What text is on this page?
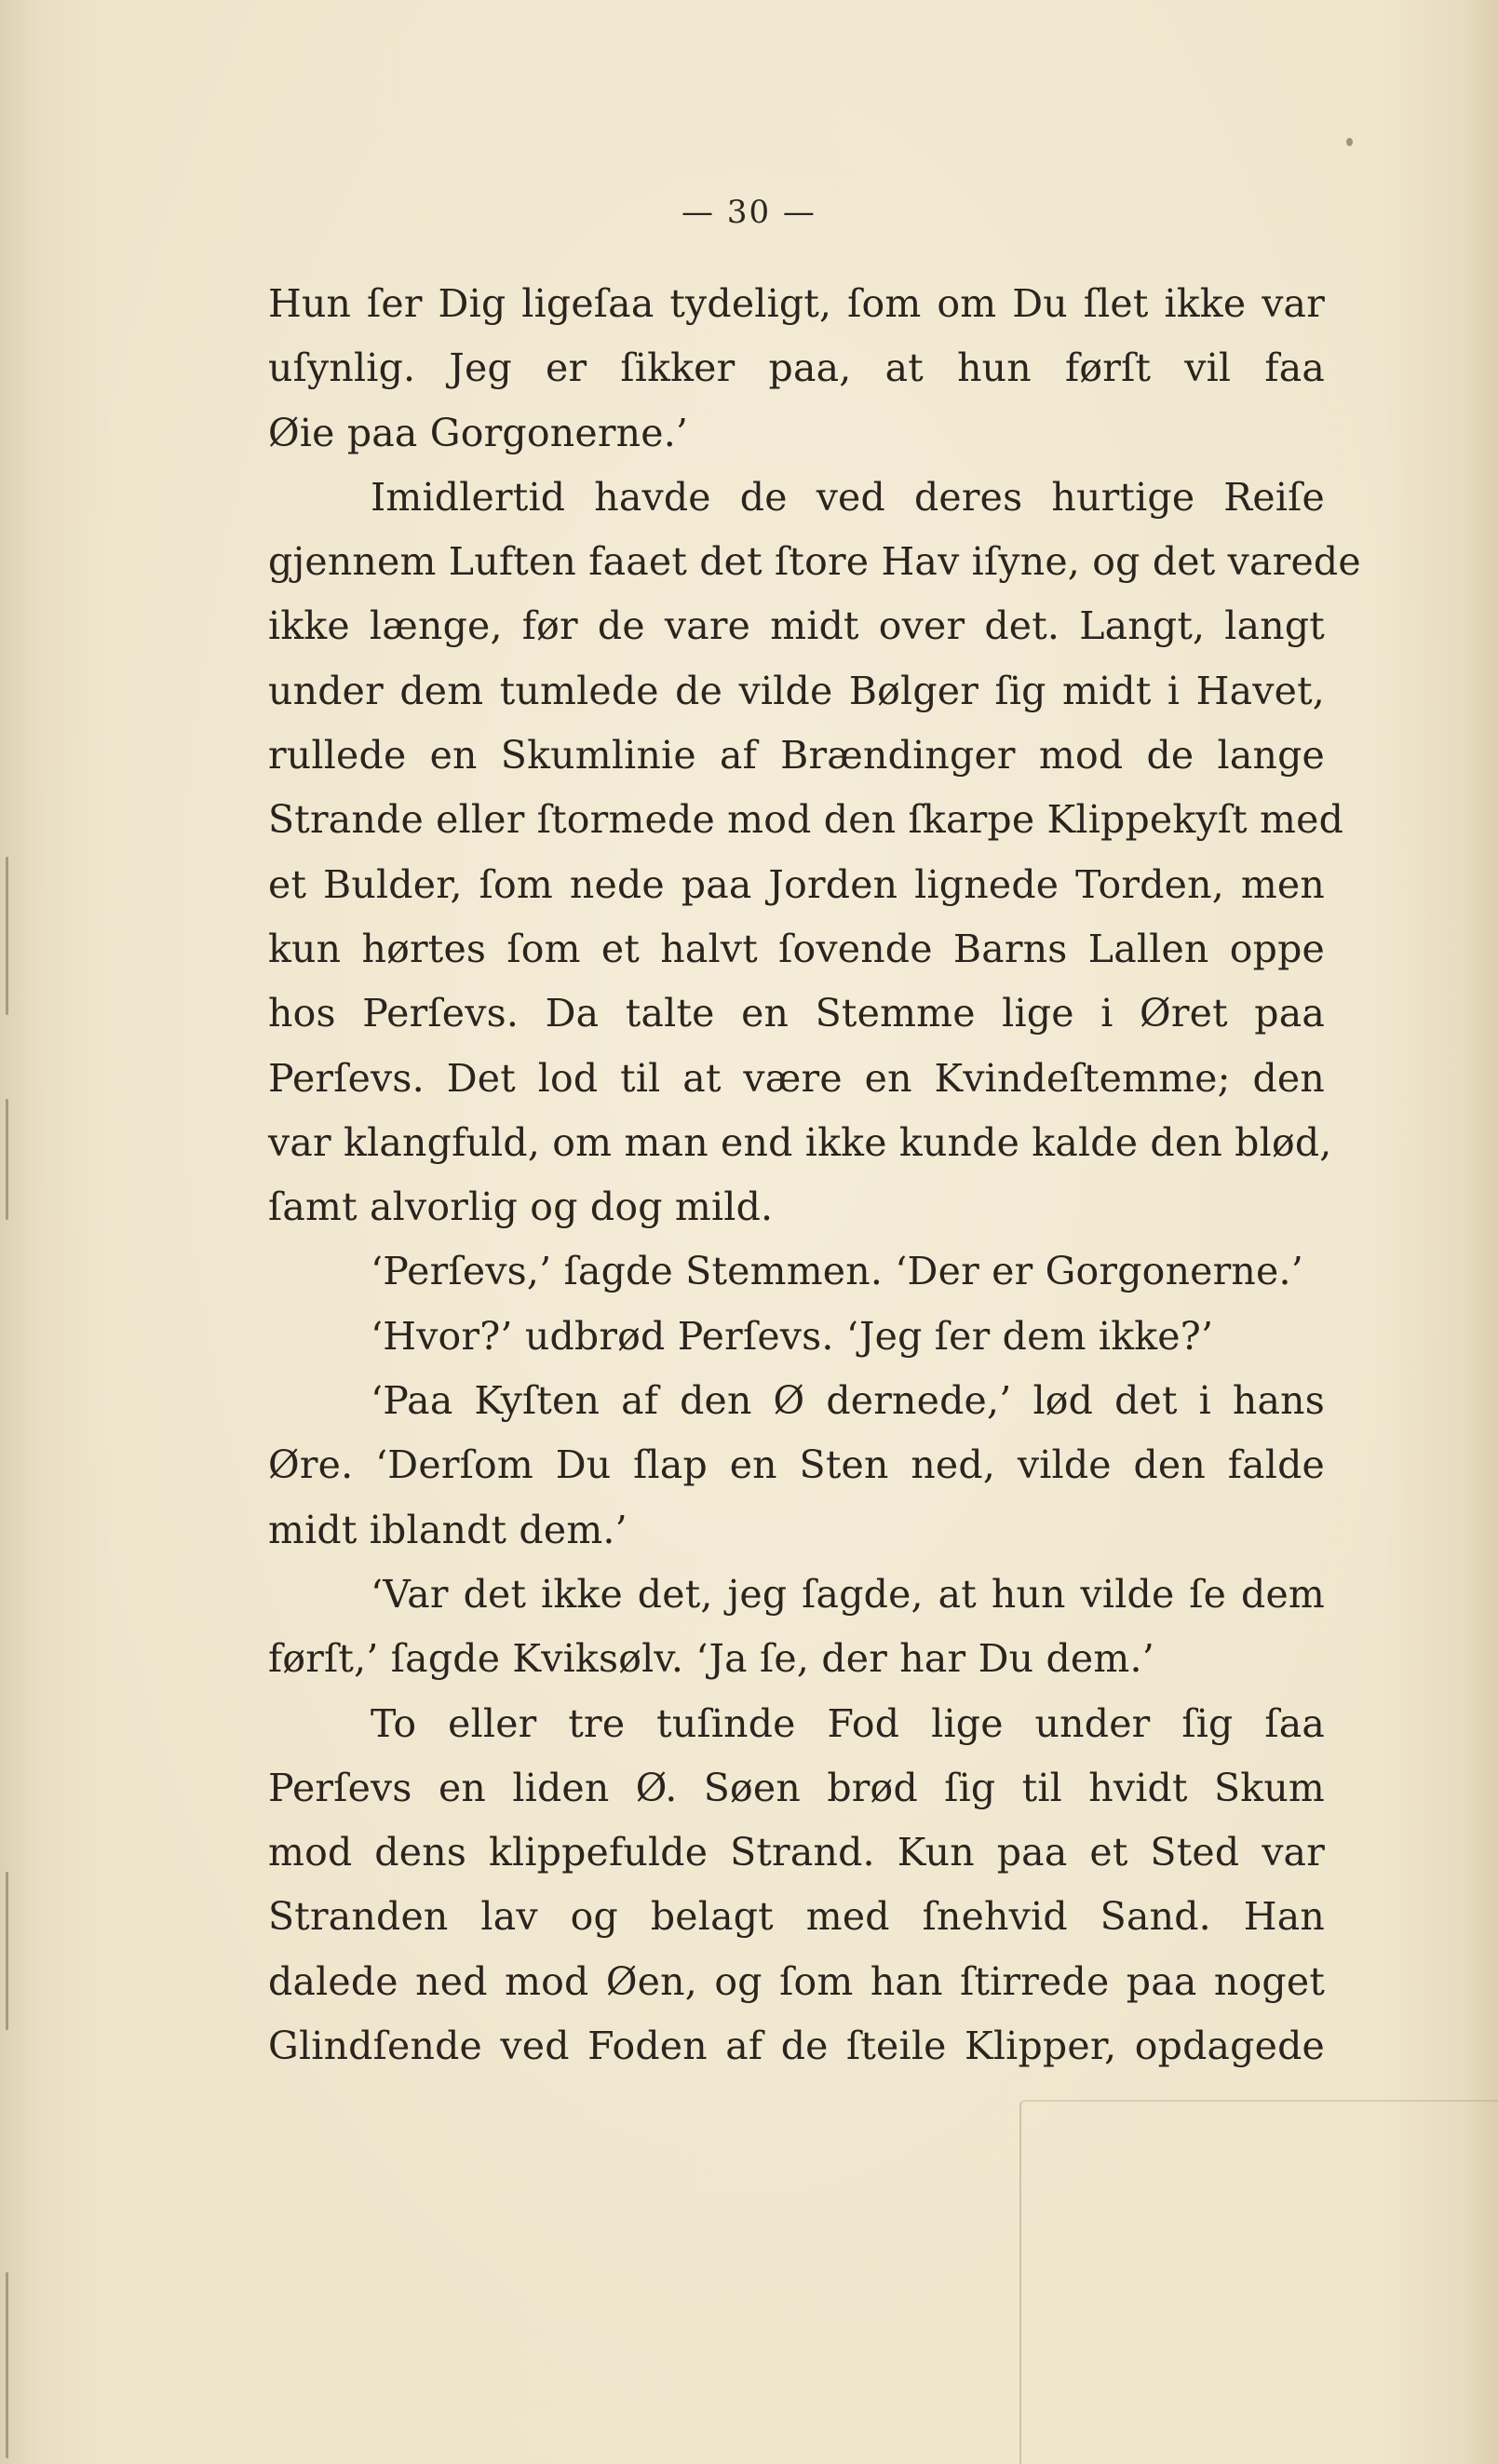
— 30 —
Hun ſer Dig ligeſaa tydeligt, ſom om Du ſlet ikke var
uſynlig. Jeg er ſikker paa, at hun førſt vil faa
Øie paa Gorgonerne.’
Imidlertid havde de ved deres hurtige Reiſe
gjennem Luften faaet det ſtore Hav iſyne, og det varede
ikke længe, før de vare midt over det. Langt, langt
under dem tumlede de vilde Bølger ſig midt i Havet,
rullede en Skumlinie af Brændinger mod de lange
Strande eller ſtormede mod den ſkarpe Klippekyſt med
et Bulder, ſom nede paa Jorden lignede Torden, men
kun hørtes ſom et halvt ſovende Barns Lallen oppe
hos Perſevs. Da talte en Stemme lige i Øret paa
Perſevs. Det lod til at være en Kvindeſtemme; den
var klangfuld, om man end ikke kunde kalde den blød,
ſamt alvorlig og dog mild.
‘Perſevs,’ ſagde Stemmen. ‘Der er Gorgonerne.’
‘Hvor?’ udbrød Perſevs. ‘Jeg ſer dem ikke?’
‘Paa Kyſten af den Ø dernede,’ lød det i hans
Øre. ‘Derſom Du ſlap en Sten ned, vilde den falde
midt iblandt dem.’
‘Var det ikke det, jeg ſagde, at hun vilde ſe dem
førſt,’ ſagde Kviksølv. ‘Ja ſe, der har Du dem.’
To eller tre tuſinde Fod lige under ſig ſaa
Perſevs en liden Ø. Søen brød ſig til hvidt Skum
mod dens klippefulde Strand. Kun paa et Sted var
Stranden lav og belagt med ſnehvid Sand. Han
dalede ned mod Øen, og ſom han ſtirrede paa noget
Glindſende ved Foden af de ſteile Klipper, opdagede
